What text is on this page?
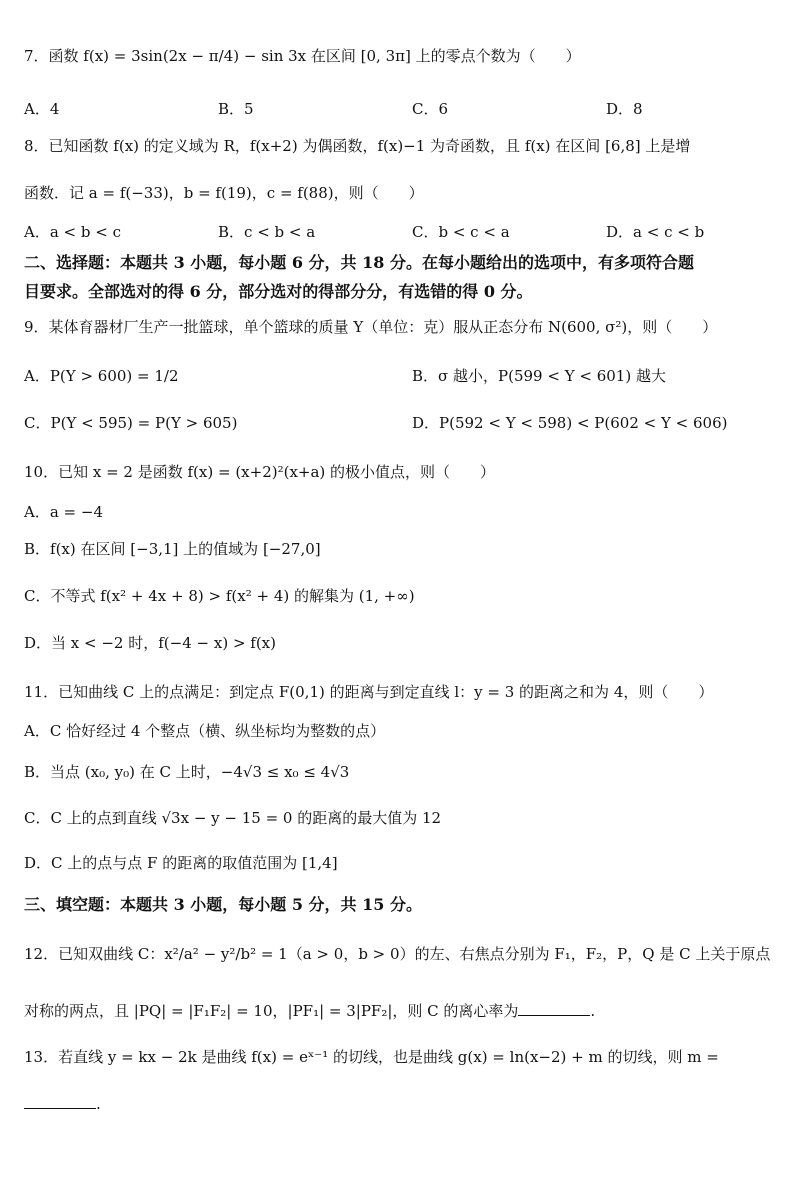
7．函数 f(x) = 3sin(2x − π/4) − sin 3x 在区间 [0, 3π] 上的零点个数为（　　）
A．4	B．5	C．6	D．8
8．已知函数 f(x) 的定义域为 R，f(x+2) 为偶函数，f(x)−1 为奇函数，且 f(x) 在区间 [6,8] 上是增
函数．记 a = f(−33)，b = f(19)，c = f(88)，则（　　）
A．a < b < c	B．c < b < a	C．b < c < a	D．a < c < b
二、选择题：本题共 3 小题，每小题 6 分，共 18 分。在每小题给出的选项中，有多项符合题
目要求。全部选对的得 6 分，部分选对的得部分分，有选错的得 0 分。
9．某体育器材厂生产一批篮球，单个篮球的质量 Y（单位：克）服从正态分布 N(600, σ²)，则（　　）
A．P(Y > 600) = 1/2	B．σ 越小，P(599 < Y < 601) 越大
C．P(Y < 595) = P(Y > 605)	D．P(592 < Y < 598) < P(602 < Y < 606)
10．已知 x = 2 是函数 f(x) = (x+2)²(x+a) 的极小值点，则（　　）
A．a = −4
B．f(x) 在区间 [−3,1] 上的值域为 [−27,0]
C．不等式 f(x² + 4x + 8) > f(x² + 4) 的解集为 (1, +∞)
D．当 x < −2 时，f(−4 − x) > f(x)
11．已知曲线 C 上的点满足：到定点 F(0,1) 的距离与到定直线 l：y = 3 的距离之和为 4，则（　　）
A．C 恰好经过 4 个整点（横、纵坐标均为整数的点）
B．当点 (x₀, y₀) 在 C 上时，−4√3 ≤ x₀ ≤ 4√3
C．C 上的点到直线 √3x − y − 15 = 0 的距离的最大值为 12
D．C 上的点与点 F 的距离的取值范围为 [1,4]
三、填空题：本题共 3 小题，每小题 5 分，共 15 分。
12．已知双曲线 C：x²/a² − y²/b² = 1（a > 0，b > 0）的左、右焦点分别为 F₁，F₂，P，Q 是 C 上关于原点
对称的两点，且 |PQ| = |F₁F₂| = 10，|PF₁| = 3|PF₂|，则 C 的离心率为	.
13．若直线 y = kx − 2k 是曲线 f(x) = eˣ⁻¹ 的切线，也是曲线 g(x) = ln(x−2) + m 的切线，则 m =
.
